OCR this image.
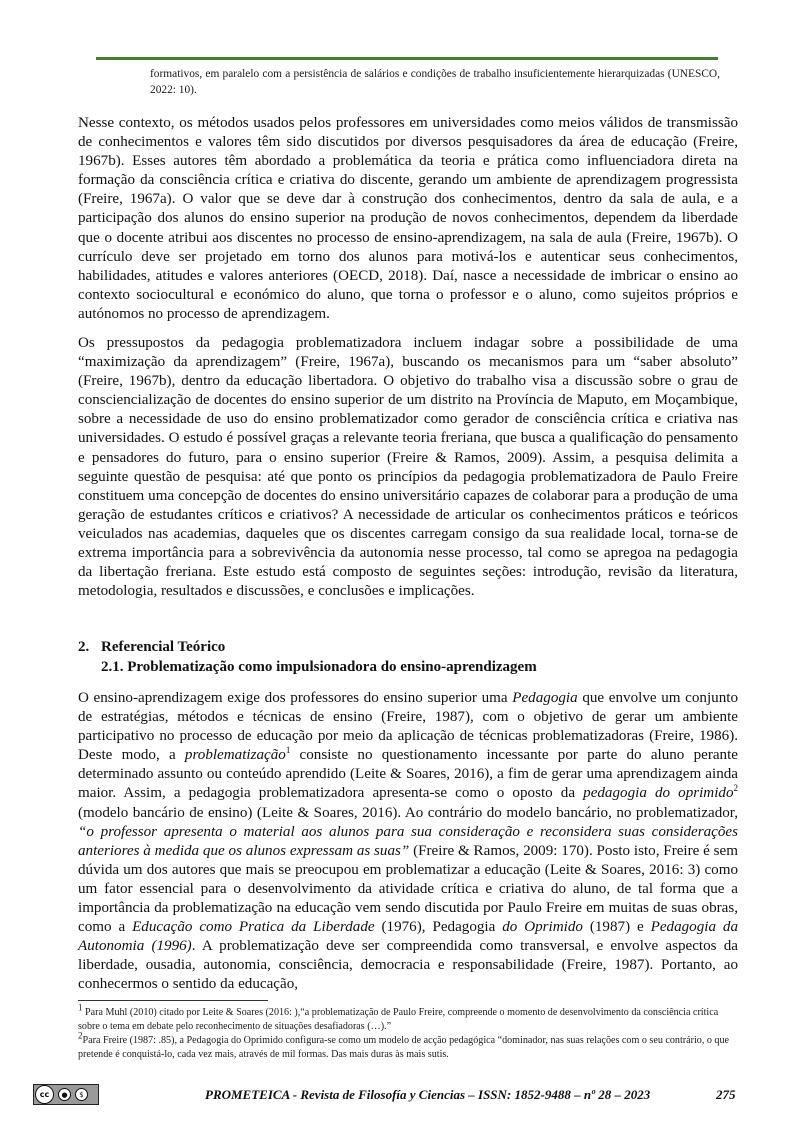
formativos, em paralelo com a persistência de salários e condições de trabalho insuficientemente hierarquizadas (UNESCO, 2022: 10).

Nesse contexto, os métodos usados pelos professores em universidades como meios válidos de transmissão de conhecimentos e valores têm sido discutidos por diversos pesquisadores da área de educação (Freire, 1967b). Esses autores têm abordado a problemática da teoria e prática como influenciadora direta na formação da consciência crítica e criativa do discente, gerando um ambiente de aprendizagem progressista (Freire, 1967a). O valor que se deve dar à construção dos conhecimentos, dentro da sala de aula, e a participação dos alunos do ensino superior na produção de novos conhecimentos, dependem da liberdade que o docente atribui aos discentes no processo de ensino-aprendizagem, na sala de aula (Freire, 1967b). O currículo deve ser projetado em torno dos alunos para motivá-los e autenticar seus conhecimentos, habilidades, atitudes e valores anteriores (OECD, 2018). Daí, nasce a necessidade de imbricar o ensino ao contexto sociocultural e económico do aluno, que torna o professor e o aluno, como sujeitos próprios e autónomos no processo de aprendizagem.

Os pressupostos da pedagogia problematizadora incluem indagar sobre a possibilidade de uma “maximização da aprendizagem” (Freire, 1967a), buscando os mecanismos para um “saber absoluto” (Freire, 1967b), dentro da educação libertadora. O objetivo do trabalho visa a discussão sobre o grau de consciencialização de docentes do ensino superior de um distrito na Província de Maputo, em Moçambique, sobre a necessidade de uso do ensino problematizador como gerador de consciência crítica e criativa nas universidades. O estudo é possível graças a relevante teoria freriana, que busca a qualificação do pensamento e pensadores do futuro, para o ensino superior (Freire & Ramos, 2009). Assim, a pesquisa delimita a seguinte questão de pesquisa: até que ponto os princípios da pedagogia problematizadora de Paulo Freire constituem uma concepção de docentes do ensino universitário capazes de colaborar para a produção de uma geração de estudantes críticos e criativos? A necessidade de articular os conhecimentos práticos e teóricos veiculados nas academias, daqueles que os discentes carregam consigo da sua realidade local, torna-se de extrema importância para a sobrevivência da autonomia nesse processo, tal como se apregoa na pedagogia da libertação freriana. Este estudo está composto de seguintes seções: introdução, revisão da literatura, metodologia, resultados e discussões, e conclusões e implicações.

2. Referencial Teórico
2.1. Problematização como impulsionadora do ensino-aprendizagem

O ensino-aprendizagem exige dos professores do ensino superior uma Pedagogia que envolve um conjunto de estratégias, métodos e técnicas de ensino (Freire, 1987), com o objetivo de gerar um ambiente participativo no processo de educação por meio da aplicação de técnicas problematizadoras (Freire, 1986). Deste modo, a problematização$^1$ consiste no questionamento incessante por parte do aluno perante determinado assunto ou conteúdo aprendido (Leite & Soares, 2016), a fim de gerar uma aprendizagem ainda maior. Assim, a pedagogia problematizadora apresenta-se como o oposto da pedagogia do oprimido$^2$ (modelo bancário de ensino) (Leite & Soares, 2016). Ao contrário do modelo bancário, no problematizador, “o professor apresenta o material aos alunos para sua consideração e reconsidera suas considerações anteriores à medida que os alunos expressam as suas” (Freire & Ramos, 2009: 170). Posto isto, Freire é sem dúvida um dos autores que mais se preocupou em problematizar a educação (Leite & Soares, 2016: 3) como um fator essencial para o desenvolvimento da atividade crítica e criativa do aluno, de tal forma que a importância da problematização na educação vem sendo discutida por Paulo Freire em muitas de suas obras, como a Educação como Pratica da Liberdade (1976), Pedagogia do Oprimido (1987) e Pedagogia da Autonomia (1996). A problematização deve ser compreendida como transversal, e envolve aspectos da liberdade, ousadia, autonomia, consciência, democracia e responsabilidade (Freire, 1987). Portanto, ao conhecermos o sentido da educação,

$^1$ Para Muhl (2010) citado por Leite & Soares (2016: ),“a problematização de Paulo Freire, compreende o momento de desenvolvimento da consciência crítica sobre o tema em debate pelo reconhecimento de situações desafiadoras (…).”

$^2$Para Freire (1987: .85), a Pedagogia do Oprimido configura-se como um modelo de acção pedagógica “dominador, nas suas relações com o seu contrário, o que pretende é conquistá-lo, cada vez mais, através de mil formas. Das mais duras às mais sutis.

cc	●	$	PROMETEICA - Revista de Filosofía y Ciencias – ISSN: 1852-9488 – nº 28 – 2023	275
